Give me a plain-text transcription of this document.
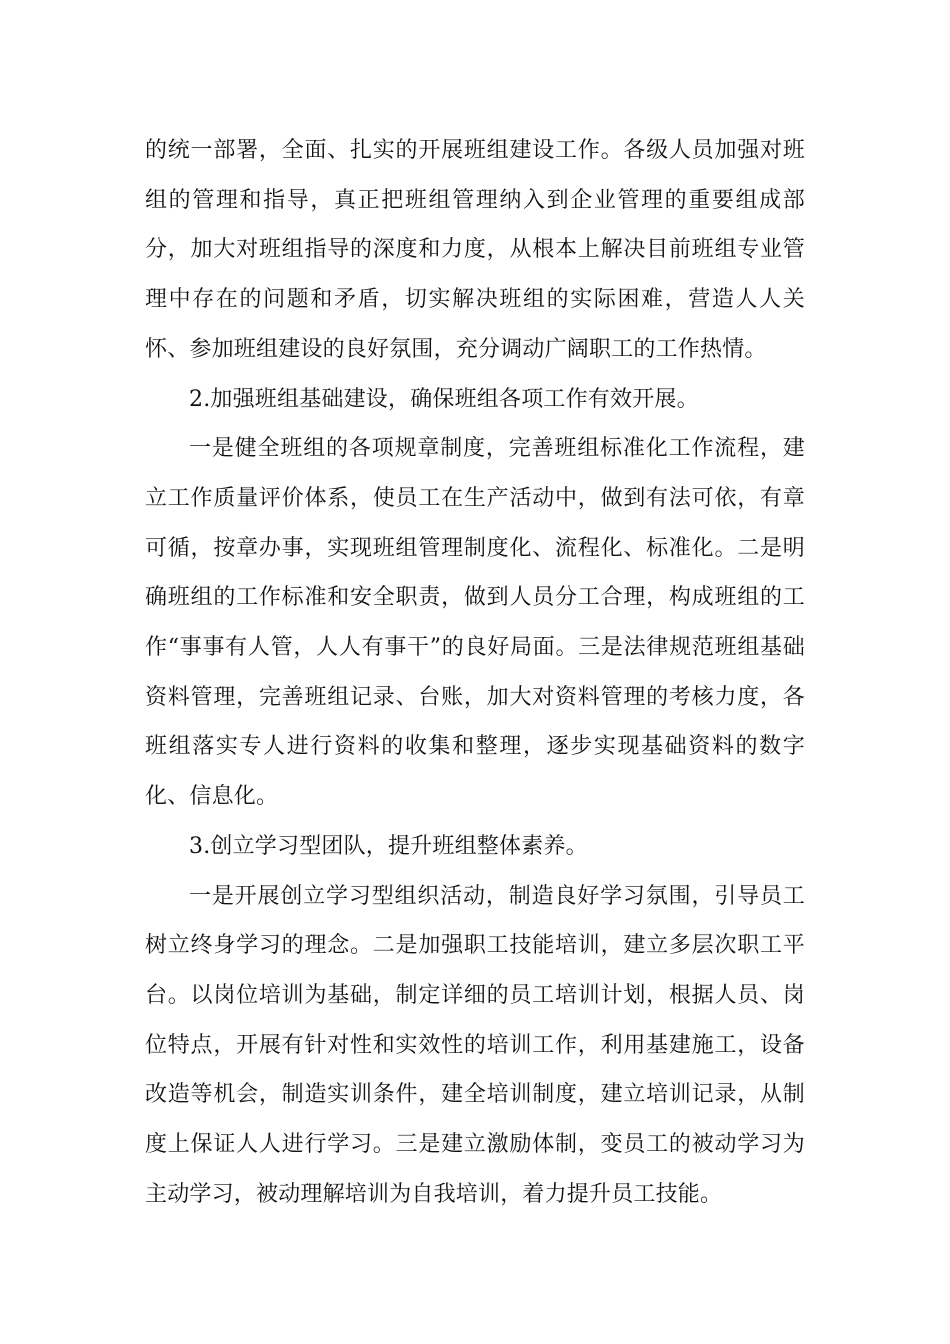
的统一部署，全面、扎实的开展班组建设工作。各级人员加强对班组的管理和指导，真正把班组管理纳入到企业管理的重要组成部分，加大对班组指导的深度和力度，从根本上解决目前班组专业管理中存在的问题和矛盾，切实解决班组的实际困难，营造人人关怀、参加班组建设的良好氛围，充分调动广阔职工的工作热情。

2.加强班组基础建设，确保班组各项工作有效开展。

一是健全班组的各项规章制度，完善班组标准化工作流程，建立工作质量评价体系，使员工在生产活动中，做到有法可依，有章可循，按章办事，实现班组管理制度化、流程化、标准化。二是明确班组的工作标准和安全职责，做到人员分工合理，构成班组的工作“事事有人管，人人有事干”的良好局面。三是法律规范班组基础资料管理，完善班组记录、台账，加大对资料管理的考核力度，各班组落实专人进行资料的收集和整理，逐步实现基础资料的数字化、信息化。

3.创立学习型团队，提升班组整体素养。

一是开展创立学习型组织活动，制造良好学习氛围，引导员工树立终身学习的理念。二是加强职工技能培训，建立多层次职工平台。以岗位培训为基础，制定详细的员工培训计划，根据人员、岗位特点，开展有针对性和实效性的培训工作，利用基建施工，设备改造等机会，制造实训条件，建全培训制度，建立培训记录，从制度上保证人人进行学习。三是建立激励体制，变员工的被动学习为主动学习，被动理解培训为自我培训，着力提升员工技能。
